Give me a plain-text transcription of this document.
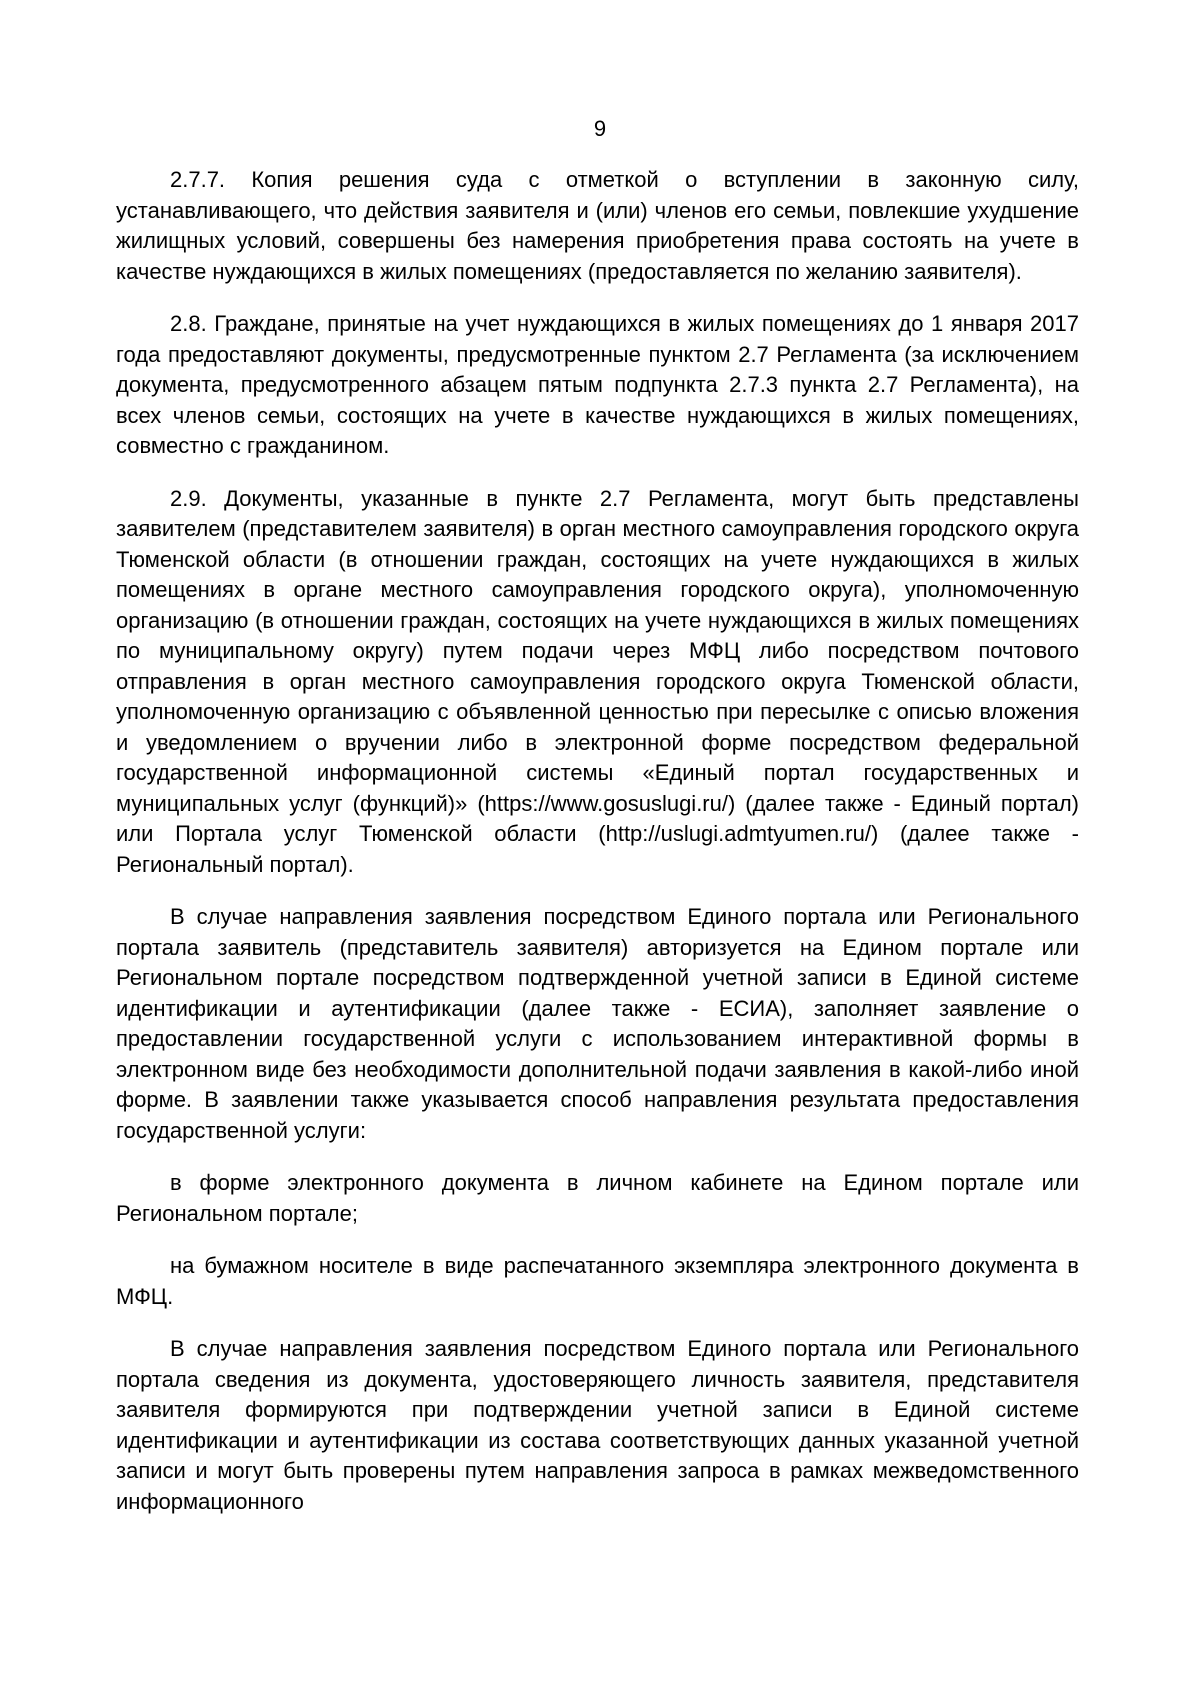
9

2.7.7. Копия решения суда с отметкой о вступлении в законную силу, устанавливающего, что действия заявителя и (или) членов его семьи, повлекшие ухудшение жилищных условий, совершены без намерения приобретения права состоять на учете в качестве нуждающихся в жилых помещениях (предоставляется по желанию заявителя).

2.8. Граждане, принятые на учет нуждающихся в жилых помещениях до 1 января 2017 года предоставляют документы, предусмотренные пунктом 2.7 Регламента (за исключением документа, предусмотренного абзацем пятым подпункта 2.7.3 пункта 2.7 Регламента), на всех членов семьи, состоящих на учете в качестве нуждающихся в жилых помещениях, совместно с гражданином.

2.9. Документы, указанные в пункте 2.7 Регламента, могут быть представлены заявителем (представителем заявителя) в орган местного самоуправления городского округа Тюменской области (в отношении граждан, состоящих на учете нуждающихся в жилых помещениях в органе местного самоуправления городского округа), уполномоченную организацию (в отношении граждан, состоящих на учете нуждающихся в жилых помещениях по муниципальному округу) путем подачи через МФЦ либо посредством почтового отправления в орган местного самоуправления городского округа Тюменской области, уполномоченную организацию с объявленной ценностью при пересылке с описью вложения и уведомлением о вручении либо в электронной форме посредством федеральной государственной информационной системы «Единый портал государственных и муниципальных услуг (функций)» (https://www.gosuslugi.ru/) (далее также - Единый портал) или Портала услуг Тюменской области (http://uslugi.admtyumen.ru/) (далее также - Региональный портал).

В случае направления заявления посредством Единого портала или Регионального портала заявитель (представитель заявителя) авторизуется на Едином портале или Региональном портале посредством подтвержденной учетной записи в Единой системе идентификации и аутентификации (далее также - ЕСИА), заполняет заявление о предоставлении государственной услуги с использованием интерактивной формы в электронном виде без необходимости дополнительной подачи заявления в какой-либо иной форме. В заявлении также указывается способ направления результата предоставления государственной услуги:

в форме электронного документа в личном кабинете на Едином портале или Региональном портале;

на бумажном носителе в виде распечатанного экземпляра электронного документа в МФЦ.

В случае направления заявления посредством Единого портала или Регионального портала сведения из документа, удостоверяющего личность заявителя, представителя заявителя формируются при подтверждении учетной записи в Единой системе идентификации и аутентификации из состава соответствующих данных указанной учетной записи и могут быть проверены путем направления запроса в рамках межведомственного информационного
